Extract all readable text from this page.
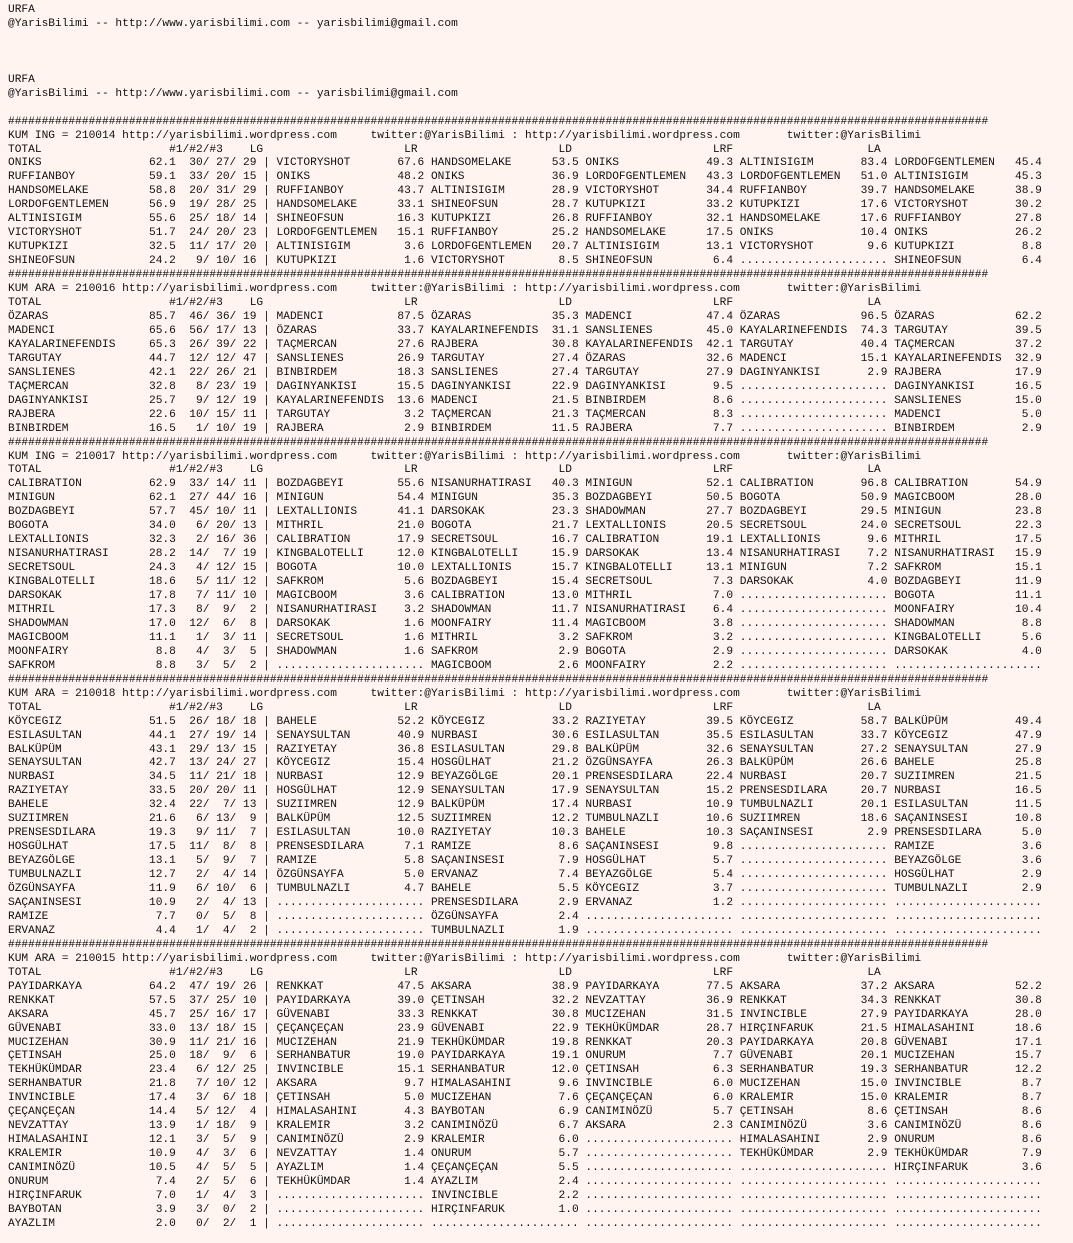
URFA
@YarisBilimi -- http://www.yarisbilimi.com -- yarisbilimi@gmail.com

URFA
@YarisBilimi -- http://www.yarisbilimi.com -- yarisbilimi@gmail.com

##################################################################################################################################################
KUM ING = 210014 http://yarisbilimi.wordpress.com     twitter:@YarisBilimi : http://yarisbilimi.wordpress.com       twitter:@YarisBilimi
TOTAL                   #1/#2/#3    LG                     LR                     LD                     LRF                    LA
ONIKS                62.1  30/ 27/ 29 | VICTORYSHOT       67.6 HANDSOMELAKE      53.5 ONIKS             49.3 ALTINISIGIM       83.4 LORDOFGENTLEMEN   45.4
RUFFIANBOY           59.1  33/ 20/ 15 | ONIKS             48.2 ONIKS             36.9 LORDOFGENTLEMEN   43.3 LORDOFGENTLEMEN   51.0 ALTINISIGIM       45.3
HANDSOMELAKE         58.8  20/ 31/ 29 | RUFFIANBOY        43.7 ALTINISIGIM       28.9 VICTORYSHOT       34.4 RUFFIANBOY        39.7 HANDSOMELAKE      38.9
LORDOFGENTLEMEN      56.9  19/ 28/ 25 | HANDSOMELAKE      33.1 SHINEOFSUN        28.7 KUTUPKIZI         33.2 KUTUPKIZI         17.6 VICTORYSHOT       30.2
ALTINISIGIM          55.6  25/ 18/ 14 | SHINEOFSUN        16.3 KUTUPKIZI         26.8 RUFFIANBOY        32.1 HANDSOMELAKE      17.6 RUFFIANBOY        27.8
VICTORYSHOT          51.7  24/ 20/ 23 | LORDOFGENTLEMEN   15.1 RUFFIANBOY        25.2 HANDSOMELAKE      17.5 ONIKS             10.4 ONIKS             26.2
KUTUPKIZI            32.5  11/ 17/ 20 | ALTINISIGIM        3.6 LORDOFGENTLEMEN   20.7 ALTINISIGIM       13.1 VICTORYSHOT        9.6 KUTUPKIZI          8.8
SHINEOFSUN           24.2   9/ 10/ 16 | KUTUPKIZI          1.6 VICTORYSHOT        8.5 SHINEOFSUN         6.4 ...................... SHINEOFSUN         6.4
##################################################################################################################################################
KUM ARA = 210016 http://yarisbilimi.wordpress.com     twitter:@YarisBilimi : http://yarisbilimi.wordpress.com       twitter:@YarisBilimi
TOTAL                   #1/#2/#3    LG                     LR                     LD                     LRF                    LA
ÖZARAS               85.7  46/ 36/ 19 | MADENCI           87.5 ÖZARAS            35.3 MADENCI           47.4 ÖZARAS            96.5 ÖZARAS            62.2
MADENCI              65.6  56/ 17/ 13 | ÖZARAS            33.7 KAYALARINEFENDIS  31.1 SANSLIENES        45.0 KAYALARINEFENDIS  74.3 TARGUTAY          39.5
KAYALARINEFENDIS     65.3  26/ 39/ 22 | TAÇMERCAN         27.6 RAJBERA           30.8 KAYALARINEFENDIS  42.1 TARGUTAY          40.4 TAÇMERCAN         37.2
TARGUTAY             44.7  12/ 12/ 47 | SANSLIENES        26.9 TARGUTAY          27.4 ÖZARAS            32.6 MADENCI           15.1 KAYALARINEFENDIS  32.9
SANSLIENES           42.1  22/ 26/ 21 | BINBIRDEM         18.3 SANSLIENES        27.4 TARGUTAY          27.9 DAGINYANKISI       2.9 RAJBERA           17.9
TAÇMERCAN            32.8   8/ 23/ 19 | DAGINYANKISI      15.5 DAGINYANKISI      22.9 DAGINYANKISI       9.5 ...................... DAGINYANKISI      16.5
DAGINYANKISI         25.7   9/ 12/ 19 | KAYALARINEFENDIS  13.6 MADENCI           21.5 BINBIRDEM          8.6 ...................... SANSLIENES        15.0
RAJBERA              22.6  10/ 15/ 11 | TARGUTAY           3.2 TAÇMERCAN         21.3 TAÇMERCAN          8.3 ...................... MADENCI            5.0
BINBIRDEM            16.5   1/ 10/ 19 | RAJBERA            2.9 BINBIRDEM         11.5 RAJBERA            7.7 ...................... BINBIRDEM          2.9
##################################################################################################################################################
KUM ING = 210017 http://yarisbilimi.wordpress.com     twitter:@YarisBilimi : http://yarisbilimi.wordpress.com       twitter:@YarisBilimi
TOTAL                   #1/#2/#3    LG                     LR                     LD                     LRF                    LA
CALIBRATION          62.9  33/ 14/ 11 | BOZDAGBEYI        55.6 NISANURHATIRASI   40.3 MINIGUN           52.1 CALIBRATION       96.8 CALIBRATION       54.9
MINIGUN              62.1  27/ 44/ 16 | MINIGUN           54.4 MINIGUN           35.3 BOZDAGBEYI        50.5 BOGOTA            50.9 MAGICBOOM         28.0
BOZDAGBEYI           57.7  45/ 10/ 11 | LEXTALLIONIS      41.1 DARSOKAK          23.3 SHADOWMAN         27.7 BOZDAGBEYI        29.5 MINIGUN           23.8
BOGOTA               34.0   6/ 20/ 13 | MITHRIL           21.0 BOGOTA            21.7 LEXTALLIONIS      20.5 SECRETSOUL        24.0 SECRETSOUL        22.3
LEXTALLIONIS         32.3   2/ 16/ 36 | CALIBRATION       17.9 SECRETSOUL        16.7 CALIBRATION       19.1 LEXTALLIONIS       9.6 MITHRIL           17.5
NISANURHATIRASI      28.2  14/  7/ 19 | KINGBALOTELLI     12.0 KINGBALOTELLI     15.9 DARSOKAK          13.4 NISANURHATIRASI    7.2 NISANURHATIRASI   15.9
SECRETSOUL           24.3   4/ 12/ 15 | BOGOTA            10.0 LEXTALLIONIS      15.7 KINGBALOTELLI     13.1 MINIGUN            7.2 SAFKROM           15.1
KINGBALOTELLI        18.6   5/ 11/ 12 | SAFKROM            5.6 BOZDAGBEYI        15.4 SECRETSOUL         7.3 DARSOKAK           4.0 BOZDAGBEYI        11.9
DARSOKAK             17.8   7/ 11/ 10 | MAGICBOOM          3.6 CALIBRATION       13.0 MITHRIL            7.0 ...................... BOGOTA            11.1
MITHRIL              17.3   8/  9/  2 | NISANURHATIRASI    3.2 SHADOWMAN         11.7 NISANURHATIRASI    6.4 ...................... MOONFAIRY         10.4
SHADOWMAN            17.0  12/  6/  8 | DARSOKAK           1.6 MOONFAIRY         11.4 MAGICBOOM          3.8 ...................... SHADOWMAN          8.8
MAGICBOOM            11.1   1/  3/ 11 | SECRETSOUL         1.6 MITHRIL            3.2 SAFKROM            3.2 ...................... KINGBALOTELLI      5.6
MOONFAIRY             8.8   4/  3/  5 | SHADOWMAN          1.6 SAFKROM            2.9 BOGOTA             2.9 ...................... DARSOKAK           4.0
SAFKROM               8.8   3/  5/  2 | ...................... MAGICBOOM          2.6 MOONFAIRY          2.2 ...................... ......................
##################################################################################################################################################
KUM ARA = 210018 http://yarisbilimi.wordpress.com     twitter:@YarisBilimi : http://yarisbilimi.wordpress.com       twitter:@YarisBilimi
TOTAL                   #1/#2/#3    LG                     LR                     LD                     LRF                    LA
KÖYCEGIZ             51.5  26/ 18/ 18 | BAHELE            52.2 KÖYCEGIZ          33.2 RAZIYETAY         39.5 KÖYCEGIZ          58.7 BALKÜPÜM          49.4
ESILASULTAN          44.1  27/ 19/ 14 | SENAYSULTAN       40.9 NURBASI           30.6 ESILASULTAN       35.5 ESILASULTAN       33.7 KÖYCEGIZ          47.9
BALKÜPÜM             43.1  29/ 13/ 15 | RAZIYETAY         36.8 ESILASULTAN       29.8 BALKÜPÜM          32.6 SENAYSULTAN       27.2 SENAYSULTAN       27.9
SENAYSULTAN          42.7  13/ 24/ 27 | KÖYCEGIZ          15.4 HOSGÜLHAT         21.2 ÖZGÜNSAYFA        26.3 BALKÜPÜM          26.6 BAHELE            25.8
NURBASI              34.5  11/ 21/ 18 | NURBASI           12.9 BEYAZGÖLGE        20.1 PRENSESDILARA     22.4 NURBASI           20.7 SUZIIMREN         21.5
RAZIYETAY            33.5  20/ 20/ 11 | HOSGÜLHAT         12.9 SENAYSULTAN       17.9 SENAYSULTAN       15.2 PRENSESDILARA     20.7 NURBASI           16.5
BAHELE               32.4  22/  7/ 13 | SUZIIMREN         12.9 BALKÜPÜM          17.4 NURBASI           10.9 TUMBULNAZLI       20.1 ESILASULTAN       11.5
SUZIIMREN            21.6   6/ 13/  9 | BALKÜPÜM          12.5 SUZIIMREN         12.2 TUMBULNAZLI       10.6 SUZIIMREN         18.6 SAÇANINSESI       10.8
PRENSESDILARA        19.3   9/ 11/  7 | ESILASULTAN       10.0 RAZIYETAY         10.3 BAHELE            10.3 SAÇANINSESI        2.9 PRENSESDILARA      5.0
HOSGÜLHAT            17.5  11/  8/  8 | PRENSESDILARA      7.1 RAMIZE             8.6 SAÇANINSESI        9.8 ...................... RAMIZE             3.6
BEYAZGÖLGE           13.1   5/  9/  7 | RAMIZE             5.8 SAÇANINSESI        7.9 HOSGÜLHAT          5.7 ...................... BEYAZGÖLGE         3.6
TUMBULNAZLI          12.7   2/  4/ 14 | ÖZGÜNSAYFA         5.0 ERVANAZ            7.4 BEYAZGÖLGE         5.4 ...................... HOSGÜLHAT          2.9
ÖZGÜNSAYFA           11.9   6/ 10/  6 | TUMBULNAZLI        4.7 BAHELE             5.5 KÖYCEGIZ           3.7 ...................... TUMBULNAZLI        2.9
SAÇANINSESI          10.9   2/  4/ 13 | ...................... PRENSESDILARA      2.9 ERVANAZ            1.2 ...................... ......................
RAMIZE                7.7   0/  5/  8 | ...................... ÖZGÜNSAYFA         2.4 ...................... ...................... ......................
ERVANAZ               4.4   1/  4/  2 | ...................... TUMBULNAZLI        1.9 ...................... ...................... ......................
##################################################################################################################################################
KUM ARA = 210015 http://yarisbilimi.wordpress.com     twitter:@YarisBilimi : http://yarisbilimi.wordpress.com       twitter:@YarisBilimi
TOTAL                   #1/#2/#3    LG                     LR                     LD                     LRF                    LA
PAYIDARKAYA          64.2  47/ 19/ 26 | RENKKAT           47.5 AKSARA            38.9 PAYIDARKAYA       77.5 AKSARA            37.2 AKSARA            52.2
RENKKAT              57.5  37/ 25/ 10 | PAYIDARKAYA       39.0 ÇETINSAH          32.2 NEVZATTAY         36.9 RENKKAT           34.3 RENKKAT           30.8
AKSARA               45.7  25/ 16/ 17 | GÜVENABI          33.3 RENKKAT           30.8 MUCIZEHAN         31.5 INVINCIBLE        27.9 PAYIDARKAYA       28.0
GÜVENABI             33.0  13/ 18/ 15 | ÇEÇANÇEÇAN        23.9 GÜVENABI          22.9 TEKHÜKÜMDAR       28.7 HIRÇINFARUK       21.5 HIMALASAHINI      18.6
MUCIZEHAN            30.9  11/ 21/ 16 | MUCIZEHAN         21.9 TEKHÜKÜMDAR       19.8 RENKKAT           20.3 PAYIDARKAYA       20.8 GÜVENABI          17.1
ÇETINSAH             25.0  18/  9/  6 | SERHANBATUR       19.0 PAYIDARKAYA       19.1 ONURUM             7.7 GÜVENABI          20.1 MUCIZEHAN         15.7
TEKHÜKÜMDAR          23.4   6/ 12/ 25 | INVINCIBLE        15.1 SERHANBATUR       12.0 ÇETINSAH           6.3 SERHANBATUR       19.3 SERHANBATUR       12.2
SERHANBATUR          21.8   7/ 10/ 12 | AKSARA             9.7 HIMALASAHINI       9.6 INVINCIBLE         6.0 MUCIZEHAN         15.0 INVINCIBLE         8.7
INVINCIBLE           17.4   3/  6/ 18 | ÇETINSAH           5.0 MUCIZEHAN          7.6 ÇEÇANÇEÇAN         6.0 KRALEMIR          15.0 KRALEMIR           8.7
ÇEÇANÇEÇAN           14.4   5/ 12/  4 | HIMALASAHINI       4.3 BAYBOTAN           6.9 CANIMINÖZÜ         5.7 ÇETINSAH           8.6 ÇETINSAH           8.6
NEVZATTAY            13.9   1/ 18/  9 | KRALEMIR           3.2 CANIMINÖZÜ         6.7 AKSARA             2.3 CANIMINÖZÜ         3.6 CANIMINÖZÜ         8.6
HIMALASAHINI         12.1   3/  5/  9 | CANIMINÖZÜ         2.9 KRALEMIR           6.0 ...................... HIMALASAHINI       2.9 ONURUM             8.6
KRALEMIR             10.9   4/  3/  6 | NEVZATTAY          1.4 ONURUM             5.7 ...................... TEKHÜKÜMDAR        2.9 TEKHÜKÜMDAR        7.9
CANIMINÖZÜ           10.5   4/  5/  5 | AYAZLIM            1.4 ÇEÇANÇEÇAN         5.5 ...................... ...................... HIRÇINFARUK        3.6
ONURUM                7.4   2/  5/  6 | TEKHÜKÜMDAR        1.4 AYAZLIM            2.4 ...................... ...................... ......................
HIRÇINFARUK           7.0   1/  4/  3 | ...................... INVINCIBLE         2.2 ...................... ...................... ......................
BAYBOTAN              3.9   3/  0/  2 | ...................... HIRÇINFARUK        1.0 ...................... ...................... ......................
AYAZLIM               2.0   0/  2/  1 | ...................... ...................... ...................... ...................... ......................
